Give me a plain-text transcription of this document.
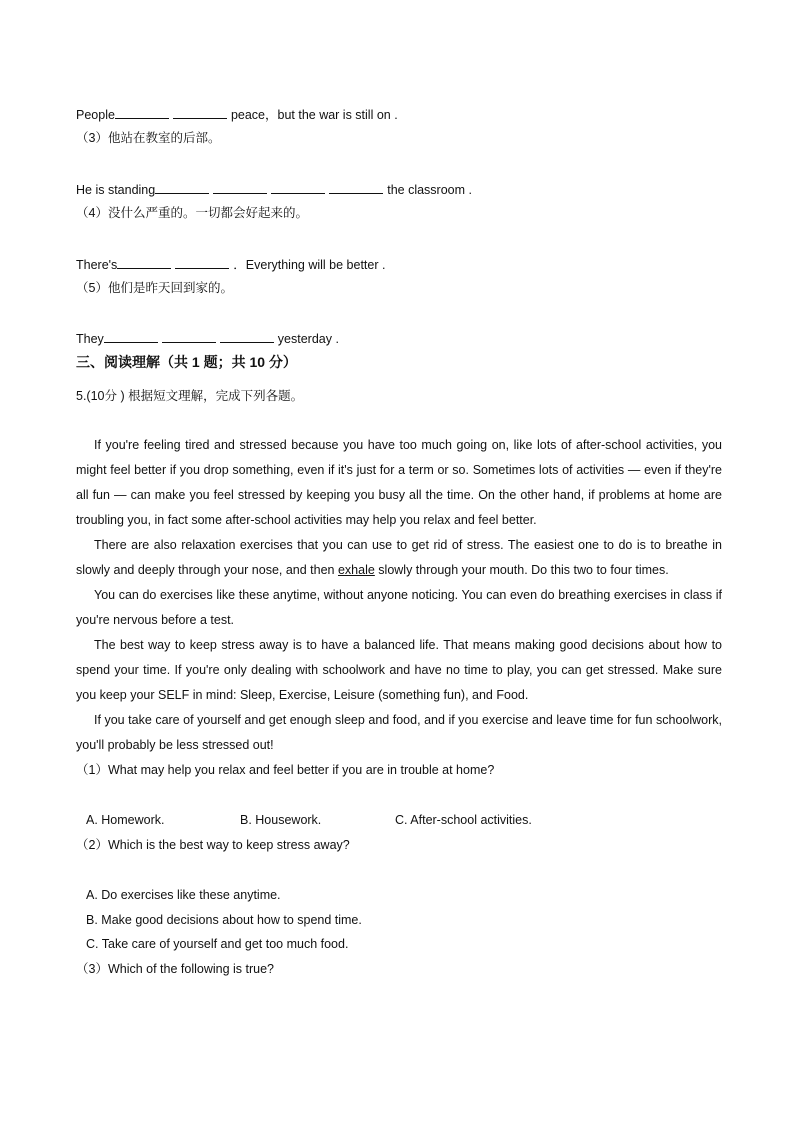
People	peace，but the war is still on .
（3）他站在教室的后部。
He is standing	the classroom .
（4）没什么严重的。一切都会好起来的。
There's	．Everything will be better .
（5）他们是昨天回到家的。
They	yesterday .
三、阅读理解（共 1 题；共 10 分）
5.(10分 ) 根据短文理解，完成下列各题。

If you're feeling tired and stressed because you have too much going on, like lots of after-school activities, you might feel better if you drop something, even if it's just for a term or so. Sometimes lots of activities — even if they're all fun — can make you feel stressed by keeping you busy all the time. On the other hand, if problems at home are troubling you, in fact some after-school activities may help you relax and feel better.

There are also relaxation exercises that you can use to get rid of stress. The easiest one to do is to breathe in slowly and deeply through your nose, and then exhale slowly through your mouth. Do this two to four times.

You can do exercises like these anytime, without anyone noticing. You can even do breathing exercises in class if you're nervous before a test.

The best way to keep stress away is to have a balanced life. That means making good decisions about how to spend your time. If you're only dealing with schoolwork and have no time to play, you can get stressed. Make sure you keep your SELF in mind: Sleep, Exercise, Leisure (something fun), and Food.

If you take care of yourself and get enough sleep and food, and if you exercise and leave time for fun schoolwork, you'll probably be less stressed out!

（1）What may help you relax and feel better if you are in trouble at home?
A. Homework.	B. Housework.	C. After-school activities.
（2）Which is the best way to keep stress away?
A. Do exercises like these anytime.
B. Make good decisions about how to spend time.
C. Take care of yourself and get too much food.
（3）Which of the following is true?
